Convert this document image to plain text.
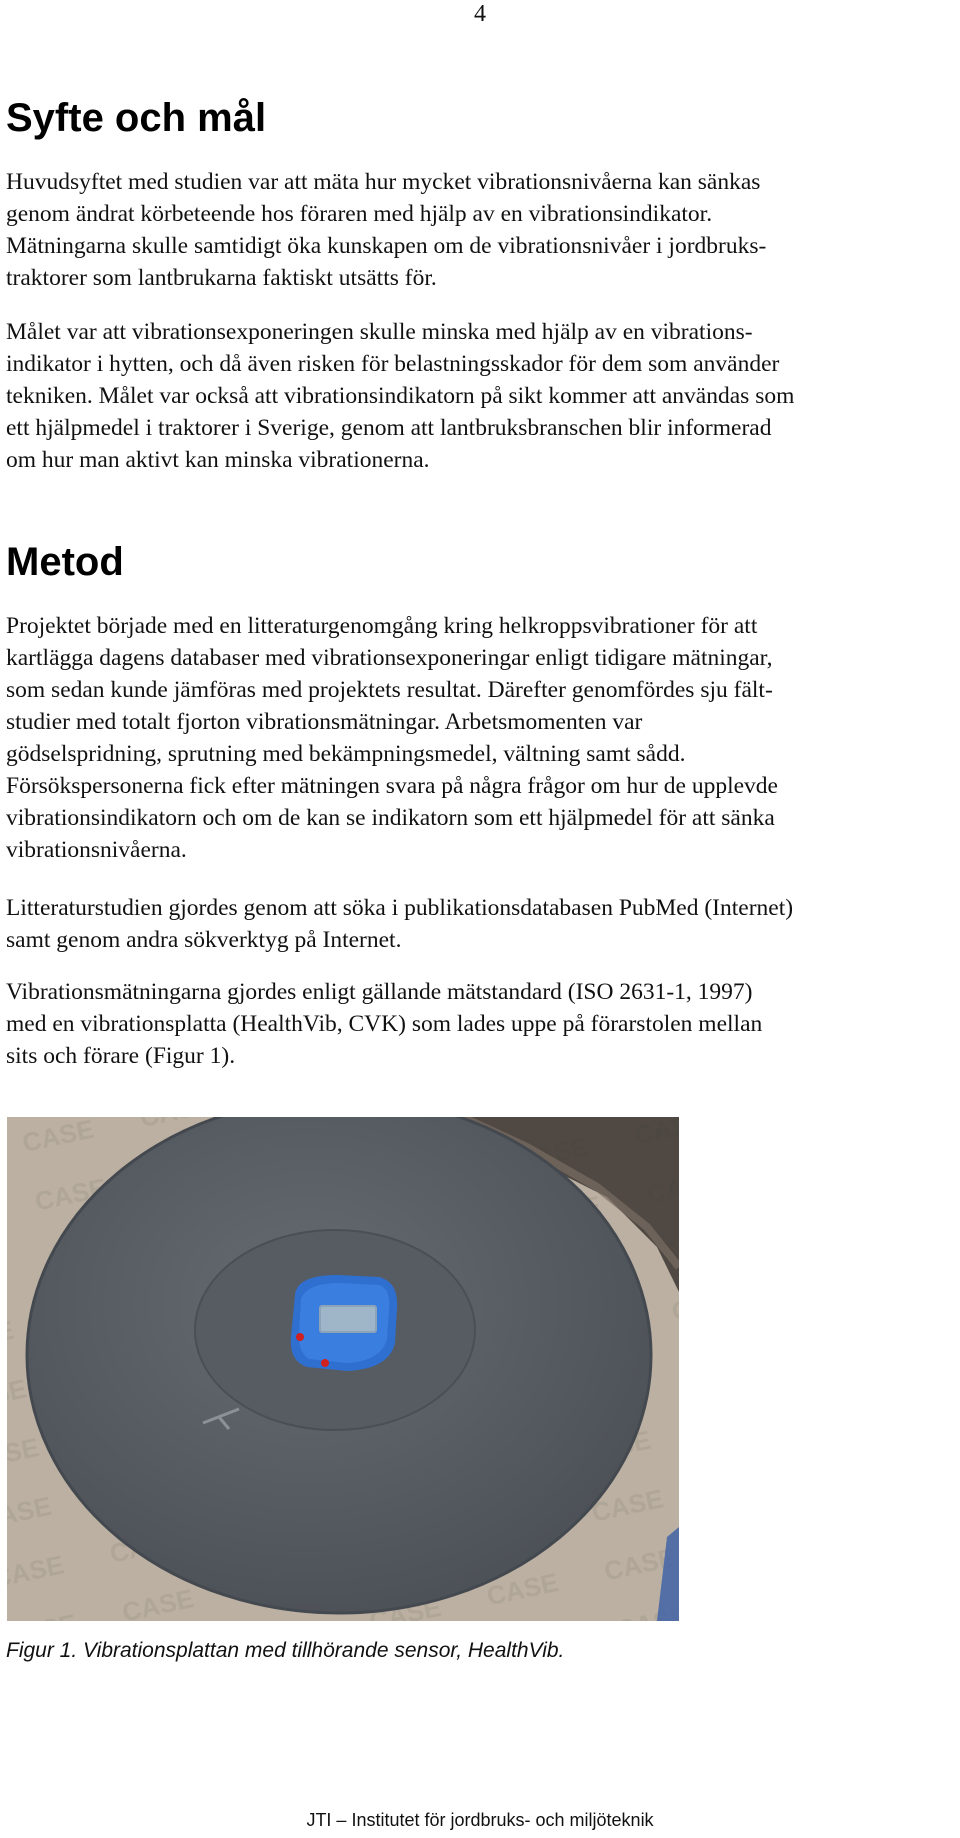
4
Syfte och mål

Huvudsyftet med studien var att mäta hur mycket vibrationsnivåerna kan sänkas
genom ändrat körbeteende hos föraren med hjälp av en vibrationsindikator.
Mätningarna skulle samtidigt öka kunskapen om de vibrationsnivåer i jordbruks-
traktorer som lantbrukarna faktiskt utsätts för.

Målet var att vibrationsexponeringen skulle minska med hjälp av en vibrations-
indikator i hytten, och då även risken för belastningsskador för dem som använder
tekniken. Målet var också att vibrationsindikatorn på sikt kommer att användas som
ett hjälpmedel i traktorer i Sverige, genom att lantbruksbranschen blir informerad
om hur man aktivt kan minska vibrationerna.

Metod

Projektet började med en litteraturgenomgång kring helkroppsvibrationer för att
kartlägga dagens databaser med vibrationsexponeringar enligt tidigare mätningar,
som sedan kunde jämföras med projektets resultat. Därefter genomfördes sju fält-
studier med totalt fjorton vibrationsmätningar. Arbetsmomenten var
gödselspridning, sprutning med bekämpningsmedel, vältning samt sådd.
Försökspersonerna fick efter mätningen svara på några frågor om hur de upplevde
vibrationsindikatorn och om de kan se indikatorn som ett hjälpmedel för att sänka
vibrationsnivåerna.

Litteraturstudien gjordes genom att söka i publikationsdatabasen PubMed (Internet)
samt genom andra sökverktyg på Internet.

Vibrationsmätningarna gjordes enligt gällande mätstandard (ISO 2631-1, 1997)
med en vibrationsplatta (HealthVib, CVK) som lades uppe på förarstolen mellan
sits och förare (Figur 1).

Figur 1. Vibrationsplattan med tillhörande sensor, HealthVib.

JTI – Institutet för jordbruks- och miljöteknik
